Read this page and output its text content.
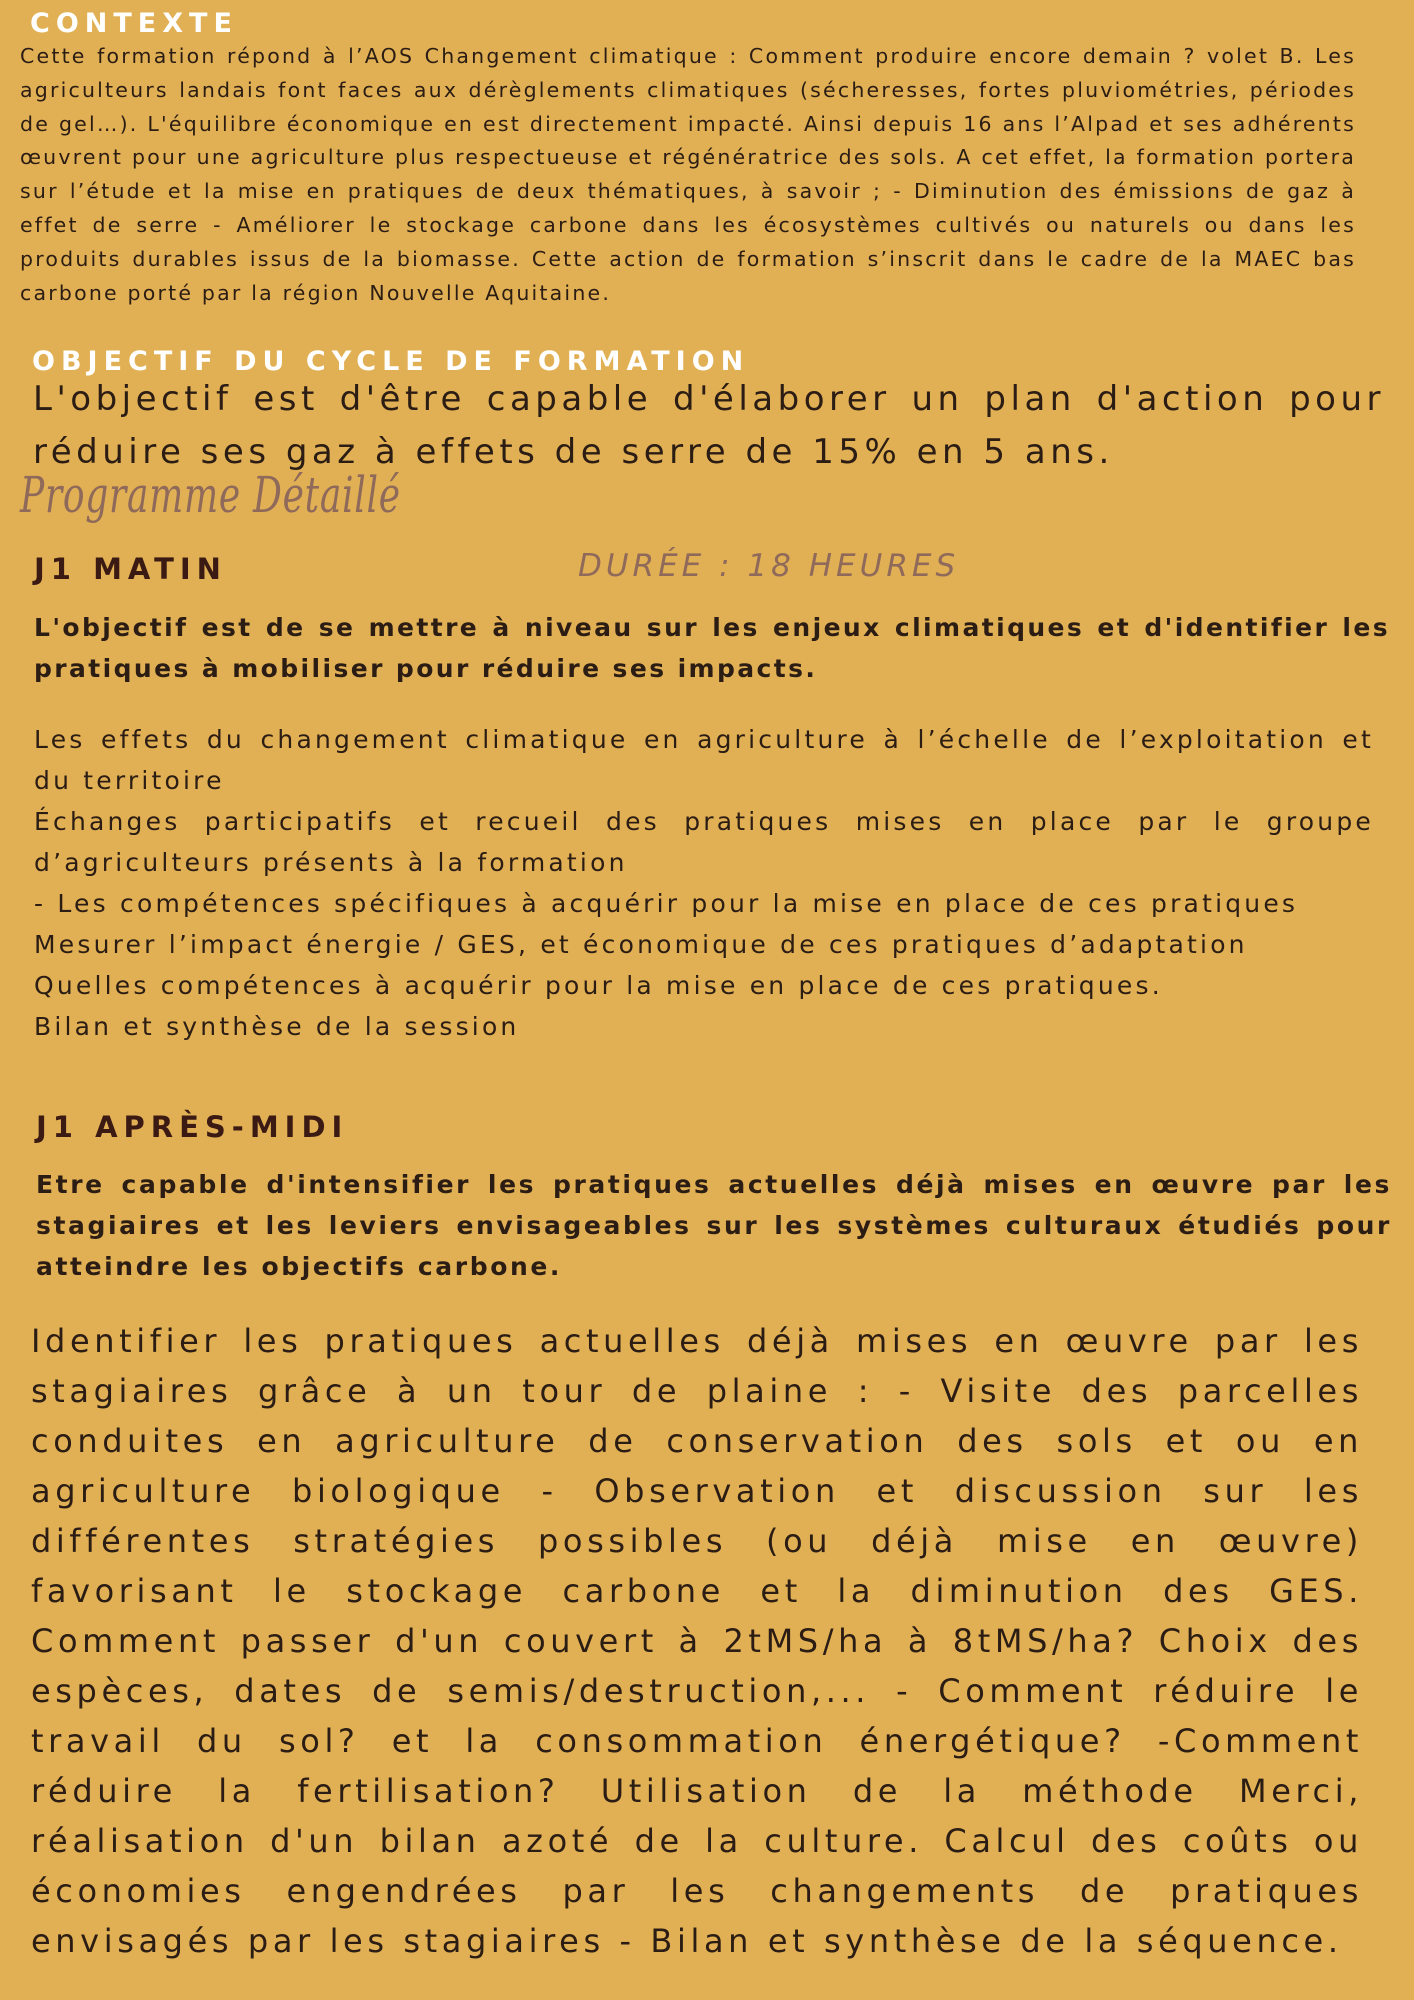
CONTEXTE
Cette formation répond à l’AOS Changement climatique : Comment produire encore demain ? volet B. Les agriculteurs landais font faces aux dérèglements climatiques (sécheresses, fortes pluviométries, périodes de gel…). L'équilibre économique en est directement impacté. Ainsi depuis 16 ans l’Alpad et ses adhérents œuvrent pour une agriculture plus respectueuse et régénératrice des sols. A cet effet, la formation portera sur l’étude et la mise en pratiques de deux thématiques, à savoir ; - Diminution des émissions de gaz à effet de serre - Améliorer le stockage carbone dans les écosystèmes cultivés ou naturels ou dans les produits durables issus de la biomasse. Cette action de formation s’inscrit dans le cadre de la MAEC bas carbone porté par la région Nouvelle Aquitaine.
OBJECTIF DU CYCLE DE FORMATION
L'objectif est d'être capable d'élaborer un plan d'action pour réduire ses gaz à effets de serre de 15% en 5 ans.
Programme Détaillé
J1 MATIN	DURÉE : 18 HEURES
L'objectif est de se mettre à niveau sur les enjeux climatiques et d'identifier les pratiques à mobiliser pour réduire ses impacts.
Les effets du changement climatique en agriculture à l’échelle de l’exploitation et du territoire
Échanges participatifs et recueil des pratiques mises en place par le groupe d’agriculteurs présents à la formation
- Les compétences spécifiques à acquérir pour la mise en place de ces pratiques
Mesurer l’impact énergie / GES, et économique de ces pratiques d’adaptation
Quelles compétences à acquérir pour la mise en place de ces pratiques.
Bilan et synthèse de la session
J1 APRÈS-MIDI
Etre capable d'intensifier les pratiques actuelles déjà mises en œuvre par les stagiaires et les leviers envisageables sur les systèmes culturaux étudiés pour atteindre les objectifs carbone.
Identifier les pratiques actuelles déjà mises en œuvre par les stagiaires grâce à un tour de plaine : - Visite des parcelles conduites en agriculture de conservation des sols et ou en agriculture biologique - Observation et discussion sur les différentes stratégies possibles (ou déjà mise en œuvre) favorisant le stockage carbone et la diminution des GES. Comment passer d'un couvert à 2tMS/ha à 8tMS/ha? Choix des espèces, dates de semis/destruction,... - Comment réduire le travail du sol? et la consommation énergétique? -Comment réduire la fertilisation? Utilisation de la méthode Merci, réalisation d'un bilan azoté de la culture. Calcul des coûts ou économies engendrées par les changements de pratiques envisagés par les stagiaires - Bilan et synthèse de la séquence.
